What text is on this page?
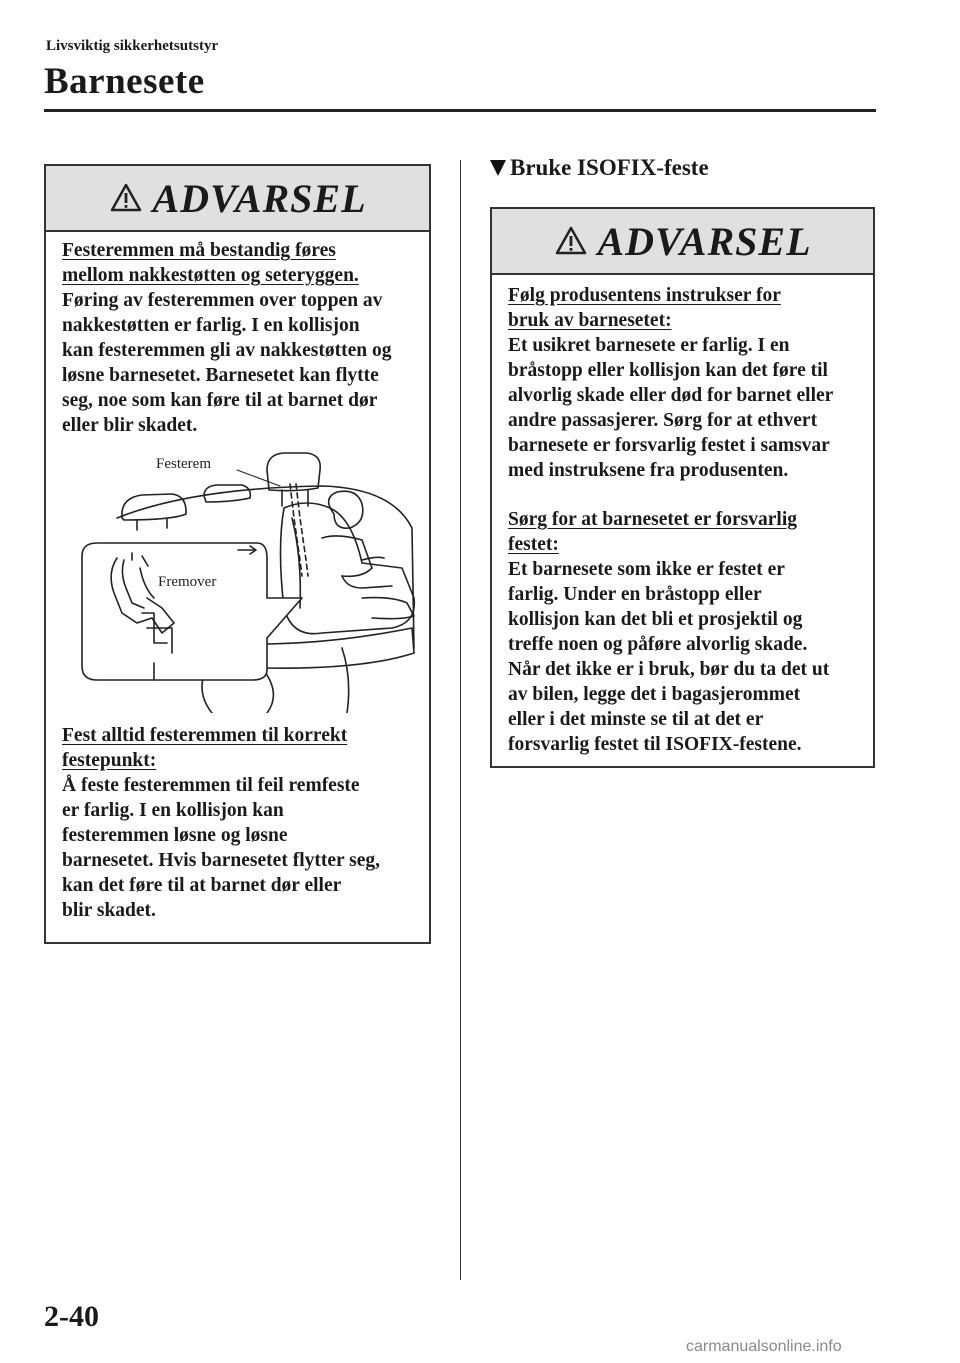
Livsviktig sikkerhetsutstyr
Barnesete
ADVARSEL

Festeremmen må bestandig føres

mellom nakkestøtten og seteryggen.

Føring av festeremmen over toppen av

nakkestøtten er farlig. I en kollisjon

kan festeremmen gli av nakkestøtten og

løsne barnesetet. Barnesetet kan flytte

seg, noe som kan føre til at barnet dør

eller blir skadet.

Festerem
Fremover

Fest alltid festeremmen til korrekt

festepunkt:

Å feste festeremmen til feil remfeste

er farlig. I en kollisjon kan

festeremmen løsne og løsne

barnesetet. Hvis barnesetet flytter seg,

kan det føre til at barnet dør eller

blir skadet.

Bruke ISOFIX-feste
ADVARSEL

Følg produsentens instrukser for

bruk av barnesetet:

Et usikret barnesete er farlig. I en

bråstopp eller kollisjon kan det føre til

alvorlig skade eller død for barnet eller

andre passasjerer. Sørg for at ethvert

barnesete er forsvarlig festet i samsvar

med instruksene fra produsenten.

Sørg for at barnesetet er forsvarlig

festet:

Et barnesete som ikke er festet er

farlig. Under en bråstopp eller

kollisjon kan det bli et prosjektil og

treffe noen og påføre alvorlig skade.

Når det ikke er i bruk, bør du ta det ut

av bilen, legge det i bagasjerommet

eller i det minste se til at det er

forsvarlig festet til ISOFIX-festene.

2-40
carmanualsonline.info
